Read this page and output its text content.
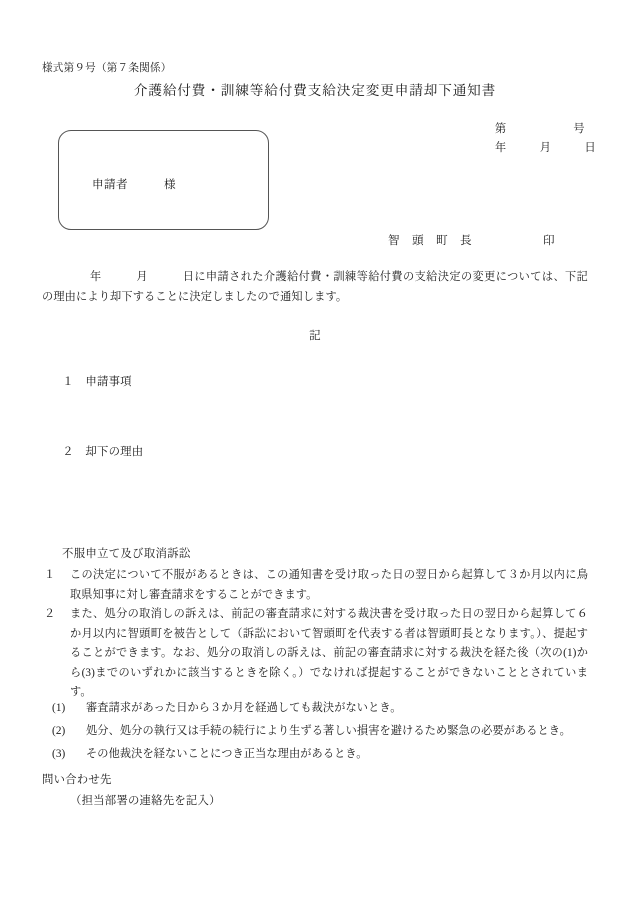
様式第９号（第７条関係）
介護給付費・訓練等給付費支給決定変更申請却下通知書
第　　　　　　号
年　　　月　　　日
申請者　　　様
智　頭　町　長	印
年　　　月　　　日に申請された介護給付費・訓練等給付費の支給決定の変更については、下記の理由により却下することに決定しましたので通知します。
記

１　 申請事項

２　 却下の理由

不服申立て及び取消訴訟
１	この決定について不服があるときは、この通知書を受け取った日の翌日から起算して３か月以内に鳥取県知事に対し審査請求をすることができます。
２	また、処分の取消しの訴えは、前記の審査請求に対する裁決書を受け取った日の翌日から起算して６か月以内に智頭町を被告として（訴訟において智頭町を代表する者は智頭町長となります。）、提起することができます。なお、処分の取消しの訴えは、前記の審査請求に対する裁決を経た後（次の(1)から(3)までのいずれかに該当するときを除く。）でなければ提起することができないこととされています。
(1) 審査請求があった日から３か月を経過しても裁決がないとき。
(2) 処分、処分の執行又は手続の続行により生ずる著しい損害を避けるため緊急の必要があるとき。
(3) その他裁決を経ないことにつき正当な理由があるとき。
問い合わせ先
（担当部署の連絡先を記入）
